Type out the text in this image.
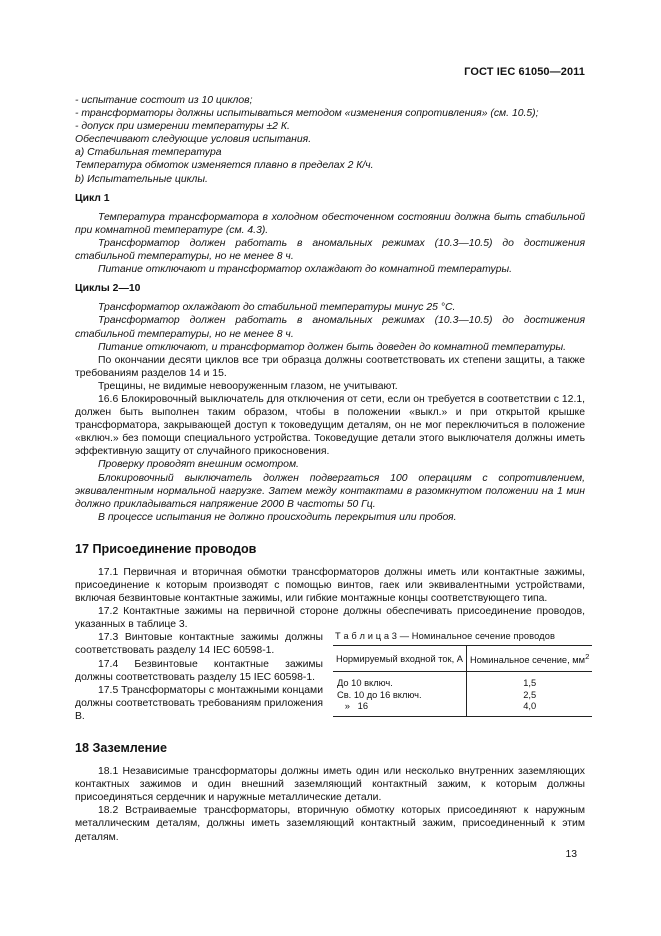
ГОСТ IEC 61050—2011

- испытание состоит из 10 циклов;

- трансформаторы должны испытываться методом «изменения сопротивления» (см. 10.5);

- допуск при измерении температуры ±2 К.

Обеспечивают следующие условия испытания.

a) Стабильная температура

Температура обмоток изменяется плавно в пределах 2 К/ч.

b) Испытательные циклы.

Цикл 1

Температура трансформатора в холодном обесточенном состоянии должна быть стабильной при комнатной температуре (см. 4.3).

Трансформатор должен работать в аномальных режимах (10.3—10.5) до достижения стабильной температуры, но не менее 8 ч.

Питание отключают и трансформатор охлаждают до комнатной температуры.

Циклы 2—10

Трансформатор охлаждают до стабильной температуры минус 25 °С.

Трансформатор должен работать в аномальных режимах (10.3—10.5) до достижения стабильной температуры, но не менее 8 ч.

Питание отключают, и трансформатор должен быть доведен до комнатной температуры.

По окончании десяти циклов все три образца должны соответствовать их степени защиты, а также требованиям разделов 14 и 15.

Трещины, не видимые невооруженным глазом, не учитывают.

16.6 Блокировочный выключатель для отключения от сети, если он требуется в соответствии с 12.1, должен быть выполнен таким образом, чтобы в положении «выкл.» и при открытой крышке трансформатора, закрывающей доступ к токоведущим деталям, он не мог переключиться в положение «включ.» без помощи специального устройства. Токоведущие детали этого выключателя должны иметь эффективную защиту от случайного прикосновения.

Проверку проводят внешним осмотром.

Блокировочный выключатель должен подвергаться 100 операциям с сопротивлением, эквивалентным нормальной нагрузке. Затем между контактами в разомкнутом положении на 1 мин должно прикладываться напряжение 2000 В частоты 50 Гц.

В процессе испытания не должно происходить перекрытия или пробоя.

17 Присоединение проводов

17.1 Первичная и вторичная обмотки трансформаторов должны иметь или контактные зажимы, присоединение к которым производят с помощью винтов, гаек или эквивалентными устройствами, включая безвинтовые контактные зажимы, или гибкие монтажные концы соответствующего типа.

17.2 Контактные зажимы на первичной стороне должны обеспечивать присоединение проводов, указанных в таблице 3.

17.3 Винтовые контактные зажимы должны соответствовать разделу 14 IEC 60598-1.

17.4 Безвинтовые контактные зажимы должны соответствовать разделу 15 IEC 60598-1.

17.5 Трансформаторы с монтажными концами должны соответствовать требованиям приложения В.

Т а б л и ц а 3 — Номинальное сечение проводов
Нормируемый входной ток, А	Номинальное сечение, $мм^2$
До 10 включ.	1,5
Св. 10 до 16 включ.	2,5
»   16	4,0
18 Заземление

18.1 Независимые трансформаторы должны иметь один или несколько внутренних заземляющих контактных зажимов и один внешний заземляющий контактный зажим, к которым должны присоединяться сердечник и наружные металлические детали.

18.2 Встраиваемые трансформаторы, вторичную обмотку которых присоединяют к наружным металлическим деталям, должны иметь заземляющий контактный зажим, присоединенный к этим деталям.

13
